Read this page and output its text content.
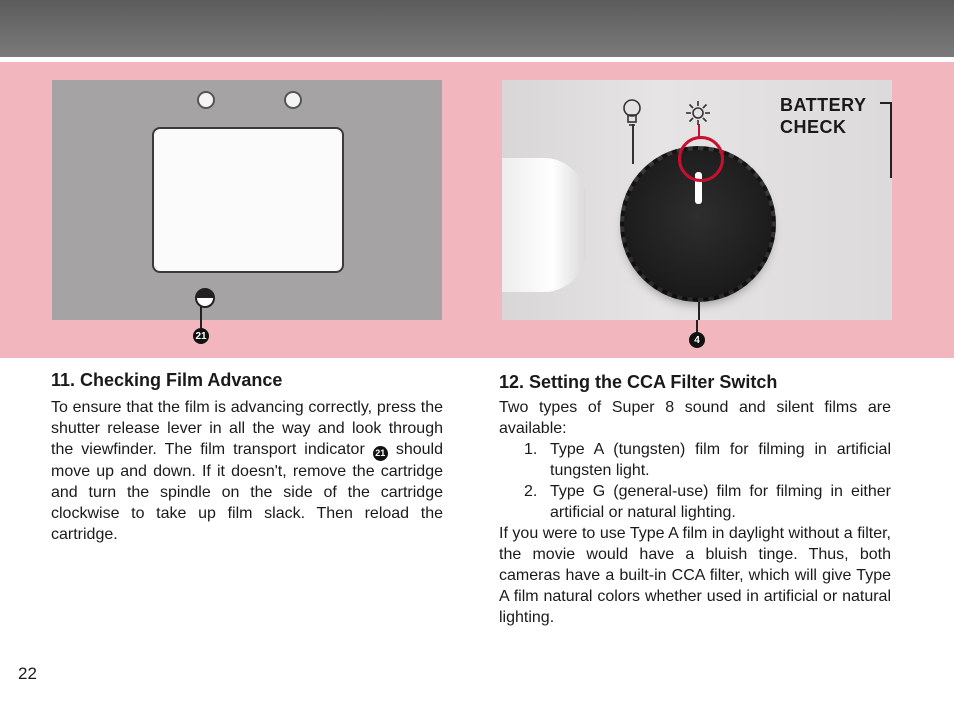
21
BATTERY
CHECK
4
11. Checking Film Advance

To ensure that the film is advancing correctly, press the shutter release lever in all the way and look through the viewfinder. The film transport indicator 21 should move up and down. If it doesn't, remove the cartridge and turn the spindle on the side of the cartridge clockwise to take up film slack. Then reload the cartridge.

12. Setting the CCA Filter Switch

Two types of Super 8 sound and silent films are available:

1. Type A (tungsten) film for filming in artificial tungsten light.
2. Type G (general-use) film for filming in either artificial or natural lighting.

If you were to use Type A film in daylight without a filter, the movie would have a bluish tinge. Thus, both cameras have a built-in CCA filter, which will give Type A film natural colors whether used in artificial or natural lighting.

22
